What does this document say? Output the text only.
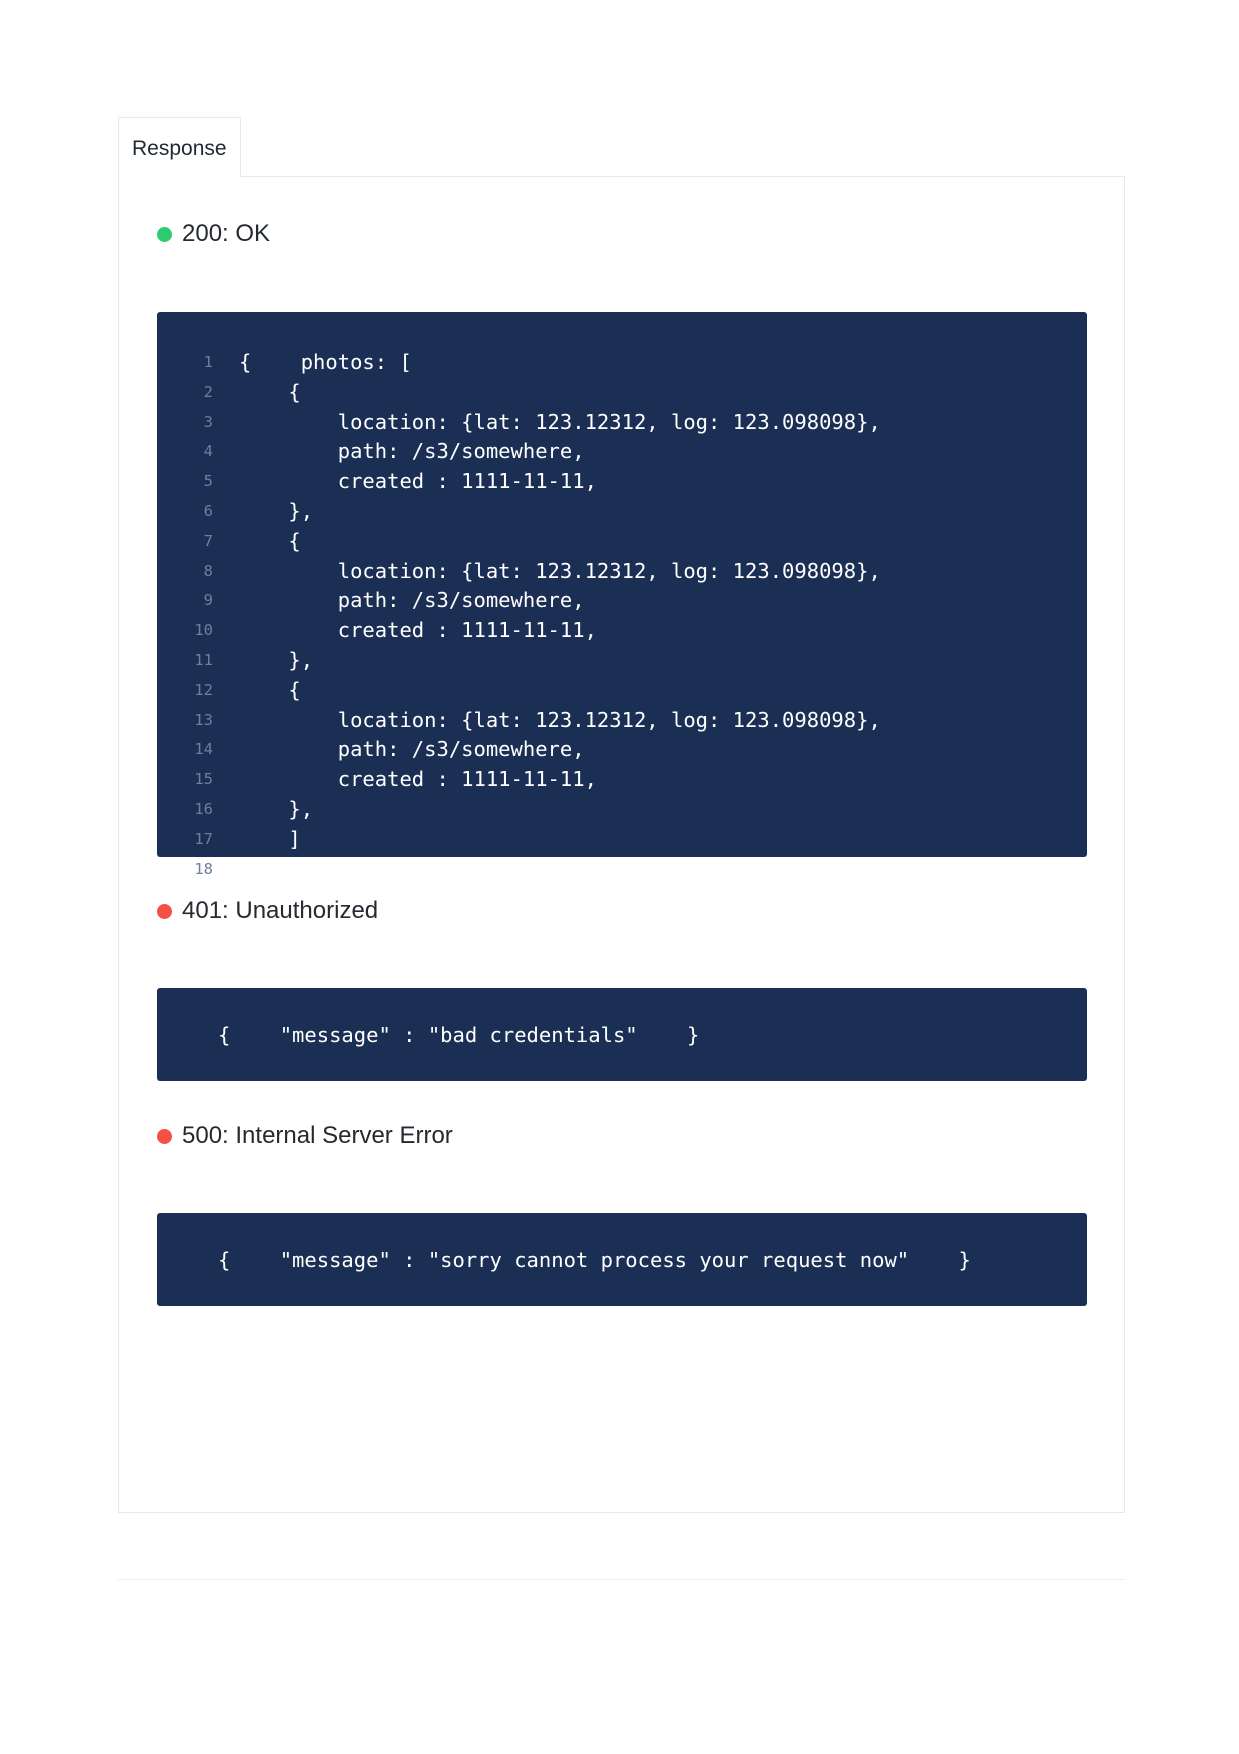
Response
200: OK
1 {    photos: [
2 {
3 location: {lat: 123.12312, log: 123.098098},
4 path: /s3/somewhere,
5 created : 1111-11-11,
6 },
7 {
8 location: {lat: 123.12312, log: 123.098098},
9 path: /s3/somewhere,
10 created : 1111-11-11,
11 },
12 {
13 location: {lat: 123.12312, log: 123.098098},
14 path: /s3/somewhere,
15 created : 1111-11-11,
16 },
17 ]
18 }
401: Unauthorized
{    "message" : "bad credentials"    }
500: Internal Server Error
{    "message" : "sorry cannot process your request now"    }
